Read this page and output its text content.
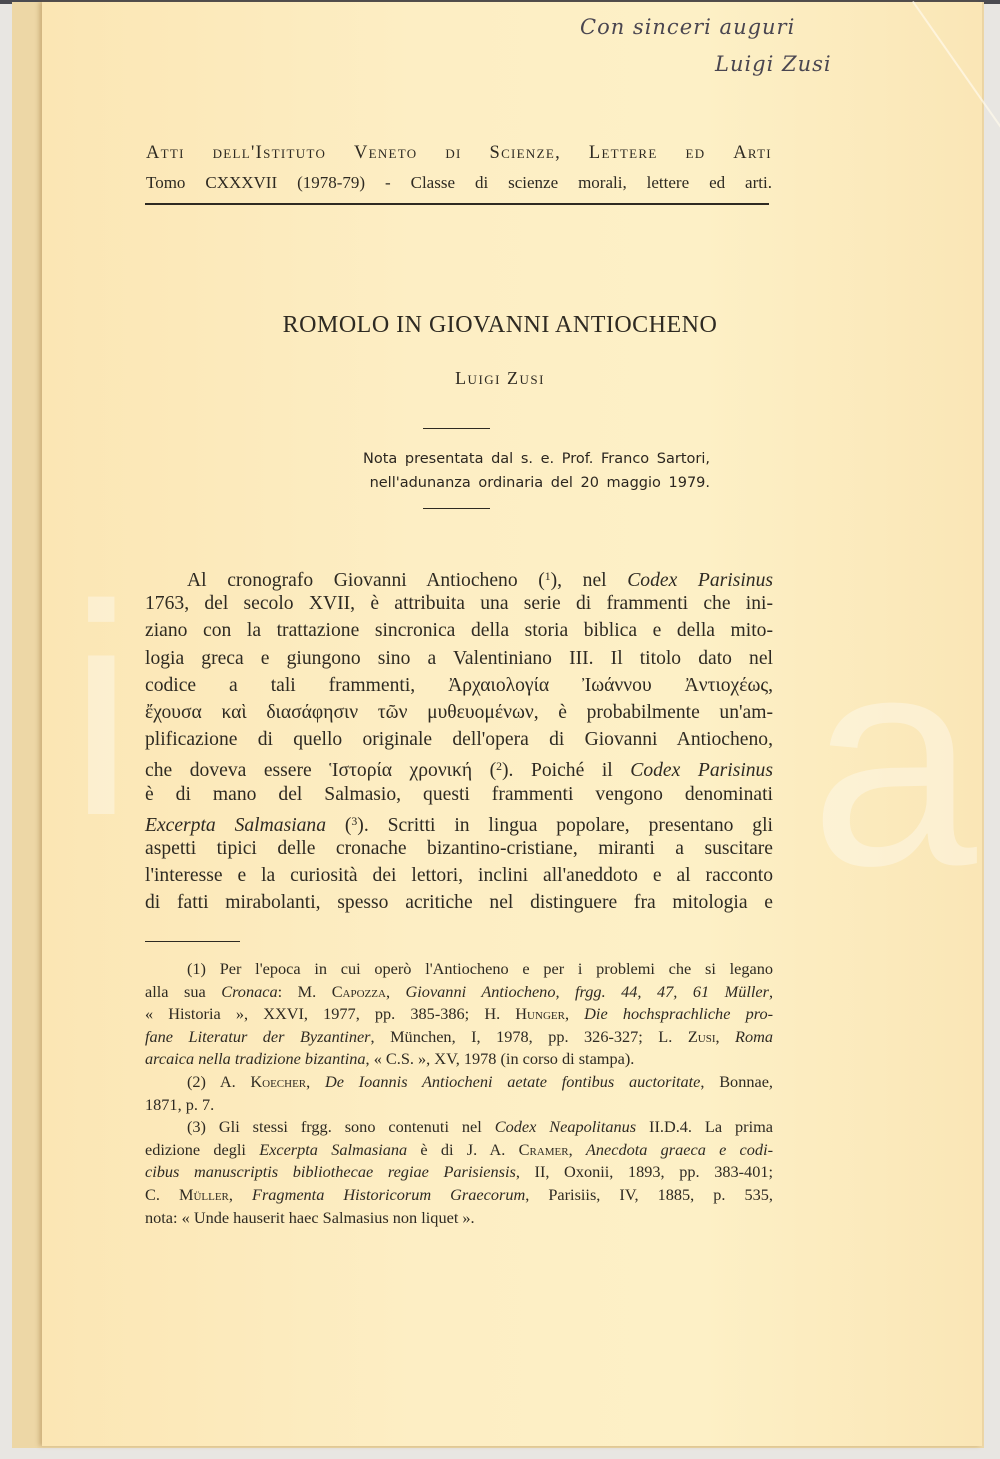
i a
Con sinceri auguri
Luigi Zusi
Atti dell'Istituto Veneto di Scienze, Lettere ed Arti
Tomo CXXXVII (1978-79) - Classe di scienze morali, lettere ed arti.
ROMOLO IN GIOVANNI ANTIOCHENO
Luigi Zusi
Nota presentata dal s. e. Prof. Franco Sartori,
nell'adunanza ordinaria del 20 maggio 1979.
Al cronografo Giovanni Antiocheno ($^1$), nel Codex Parisinus
1763, del secolo XVII, è attribuita una serie di frammenti che ini-
ziano con la trattazione sincronica della storia biblica e della mito-
logia greca e giungono sino a Valentiniano III. Il titolo dato nel
codice a tali frammenti, Ἀρχαιολογία Ἰωάννου Ἀντιοχέως,
ἔχουσα καὶ διασάφησιν τῶν μυθευομένων, è probabilmente un'am-
plificazione di quello originale dell'opera di Giovanni Antiocheno,
che doveva essere Ἱστορία χρονική ($^2$). Poiché il Codex Parisinus
è di mano del Salmasio, questi frammenti vengono denominati
Excerpta Salmasiana ($^3$). Scritti in lingua popolare, presentano gli
aspetti tipici delle cronache bizantino-cristiane, miranti a suscitare
l'interesse e la curiosità dei lettori, inclini all'aneddoto e al racconto
di fatti mirabolanti, spesso acritiche nel distinguere fra mitologia e
(1) Per l'epoca in cui operò l'Antiocheno e per i problemi che si legano
alla sua Cronaca: M. Capozza, Giovanni Antiocheno, frgg. 44, 47, 61 Müller,
« Historia », XXVI, 1977, pp. 385-386; H. Hunger, Die hochsprachliche pro-
fane Literatur der Byzantiner, München, I, 1978, pp. 326-327; L. Zusi, Roma
arcaica nella tradizione bizantina, « C.S. », XV, 1978 (in corso di stampa).
(2) A. Koecher, De Ioannis Antiocheni aetate fontibus auctoritate, Bonnae,
1871, p. 7.
(3) Gli stessi frgg. sono contenuti nel Codex Neapolitanus II.D.4. La prima
edizione degli Excerpta Salmasiana è di J. A. Cramer, Anecdota graeca e codi-
cibus manuscriptis bibliothecae regiae Parisiensis, II, Oxonii, 1893, pp. 383-401;
C. Müller, Fragmenta Historicorum Graecorum, Parisiis, IV, 1885, p. 535,
nota: « Unde hauserit haec Salmasius non liquet ».
